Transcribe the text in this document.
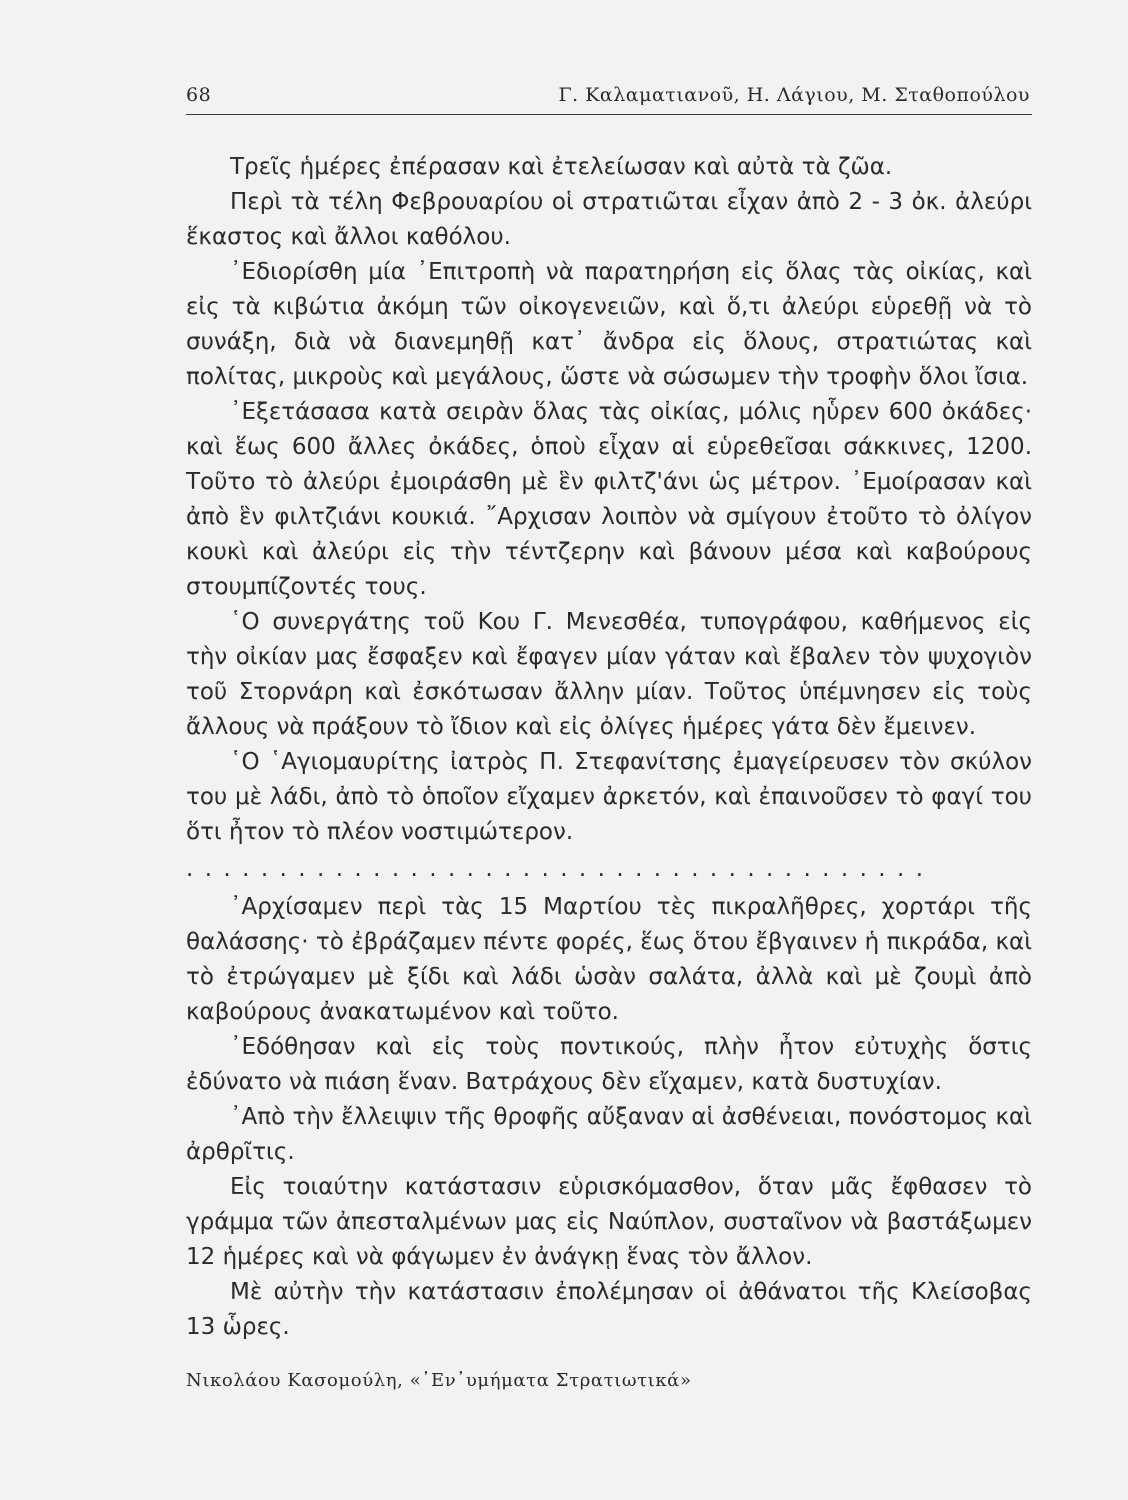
68	Γ. Καλαματιανοῦ, Η. Λάγιου, Μ. Σταθοπούλου

Τρεῖς ἡμέρες ἐπέρασαν καὶ ἐτελείωσαν καὶ αὐτὰ τὰ ζῶα.

Περὶ τὰ τέλη Φεβρουαρίου οἱ στρατιῶται εἶχαν ἀπὸ 2 - 3 ὀκ. ἀλεύρι ἕκαστος καὶ ἄλλοι καθόλου.

᾿Εδιορίσθη μία ᾿Επιτροπὴ νὰ παρατηρήση εἰς ὅλας τὰς οἰκίας, καὶ εἰς τὰ κιβώτια ἀκόμη τῶν οἰκογενειῶν, καὶ ὅ,τι ἀλεύρι εὑρεθῇ νὰ τὸ συνάξη, διὰ νὰ διανεμηθῇ κατ᾿ ἄνδρα εἰς ὅλους, στρατιώτας καὶ πολίτας, μικροὺς καὶ μεγάλους, ὥστε νὰ σώσωμεν τὴν τροφὴν ὅλοι ἴσια.

᾿Εξετάσασα κατὰ σειρὰν ὅλας τὰς οἰκίας, μόλις ηὗρεν 600 ὀκάδες· καὶ ἕως 600 ἄλλες ὀκάδες, ὁποὺ εἶχαν αἱ εὑρεθεῖσαι σάκκινες, 1200. Τοῦτο τὸ ἀλεύρι ἐμοιράσθη μὲ ἓν φιλτζ'άνι ὡς μέτρον. ᾿Εμοίρασαν καὶ ἀπὸ ἓν φιλτζιάνι κουκιά. ῎Αρχισαν λοιπὸν νὰ σμίγουν ἐτοῦτο τὸ ὀλίγον κουκὶ καὶ ἀλεύρι εἰς τὴν τέντζερην καὶ βάνουν μέσα καὶ καβούρους στουμπίζοντές τους.

῾Ο συνεργάτης τοῦ Κου Γ. Μενεσθέα, τυπογράφου, καθήμενος εἰς τὴν οἰκίαν μας ἔσφαξεν καὶ ἔφαγεν μίαν γάταν καὶ ἔβαλεν τὸν ψυχογιὸν τοῦ Στορνάρη καὶ ἐσκότωσαν ἄλλην μίαν. Τοῦτος ὑπέμνησεν εἰς τοὺς ἄλλους νὰ πράξουν τὸ ἴδιον καὶ εἰς ὀλίγες ἡμέρες γάτα δὲν ἔμεινεν.

῾Ο ῾Αγιομαυρίτης ἰατρὸς Π. Στεφανίτσης ἐμαγείρευσεν τὸν σκύλον του μὲ λάδι, ἀπὸ τὸ ὁποῖον εἴχαμεν ἀρκετόν, καὶ ἐπαινοῦσεν τὸ φαγί του ὅτι ἦτον τὸ πλέον νοστιμώτερον.

........................................

᾿Αρχίσαμεν περὶ τὰς 15 Μαρτίου τὲς πικραλῆθρες, χορτάρι τῆς θαλάσσης· τὸ ἐβράζαμεν πέντε φορές, ἕως ὅτου ἔβγαινεν ἡ πικράδα, καὶ τὸ ἐτρώγαμεν μὲ ξίδι καὶ λάδι ὡσὰν σαλάτα, ἀλλὰ καὶ μὲ ζουμὶ ἀπὸ καβούρους ἀνακατωμένον καὶ τοῦτο.

᾿Εδόθησαν καὶ εἰς τοὺς ποντικούς, πλὴν ἦτον εὐτυχὴς ὅστις ἐδύνατο νὰ πιάση ἕναν. Βατράχους δὲν εἴχαμεν, κατὰ δυστυχίαν.

᾿Απὸ τὴν ἔλλειψιν τῆς θροφῆς αὔξαναν αἱ ἀσθένειαι, πονόστομος καὶ ἀρθρῖτις.

Εἰς τοιαύτην κατάστασιν εὑρισκόμασθον, ὅταν μᾶς ἔφθασεν τὸ γράμμα τῶν ἀπεσταλμένων μας εἰς Ναύπλον, συσταῖνον νὰ βαστάξωμεν 12 ἡμέρες καὶ νὰ φάγωμεν ἐν ἀνάγκῃ ἕνας τὸν ἄλλον.

Μὲ αὐτὴν τὴν κατάστασιν ἐπολέμησαν οἱ ἀθάνατοι τῆς Κλείσοβας 13 ὧρες.

Νικολάου Κασομούλη, «᾿Εν᾿υμήματα Στρατιωτικά»
